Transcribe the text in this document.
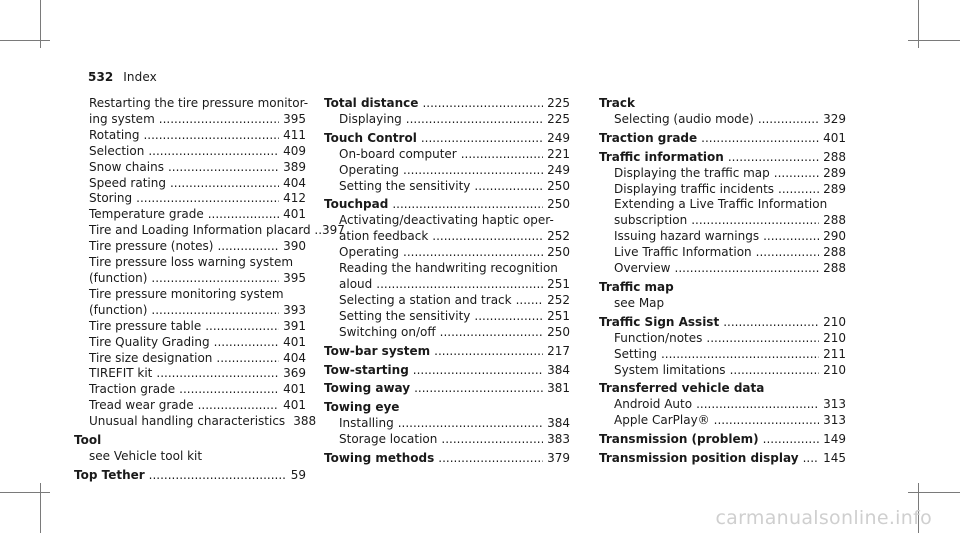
532 Index
Restarting the tire pressure monitor-
ing system .....	395
Rotating .....	411
Selection .....	409
Snow chains .....	389
Speed rating .....	404
Storing .....	412
Temperature grade .....	401
Tire and Loading Information placard .. 397
Tire pressure (notes) .....	390
Tire pressure loss warning system
(function) .....	395
Tire pressure monitoring system
(function) .....	393
Tire pressure table .....	391
Tire Quality Grading .....	401
Tire size designation .....	404
TIREFIT kit .....	369
Traction grade .....	401
Tread wear grade .....	401
Unusual handling characteristics 388
Tool
see Vehicle tool kit
Top Tether .....	59
Total distance .....	225
Displaying .....	225
Touch Control .....	249
On-board computer .....	221
Operating .....	249
Setting the sensitivity .....	250
Touchpad .....	250
Activating/deactivating haptic oper-
ation feedback .....	252
Operating .....	250
Reading the handwriting recognition
aloud .....	251
Selecting a station and track .....	252
Setting the sensitivity .....	251
Switching on/off .....	250
Tow-bar system .....	217
Tow-starting .....	384
Towing away .....	381
Towing eye
Installing .....	384
Storage location .....	383
Towing methods .....	379
Track
Selecting (audio mode) .....	329
Traction grade .....	401
Traffic information .....	288
Displaying the traffic map .....	289
Displaying traffic incidents .....	289
Extending a Live Traffic Information
subscription .....	288
Issuing hazard warnings .....	290
Live Traffic Information .....	288
Overview .....	288
Traffic map
see Map
Traffic Sign Assist .....	210
Function/notes .....	210
Setting .....	211
System limitations .....	210
Transferred vehicle data
Android Auto .....	313
Apple CarPlay® .....	313
Transmission (problem) .....	149
Transmission position display ..... 145
carmanualsonline.info
